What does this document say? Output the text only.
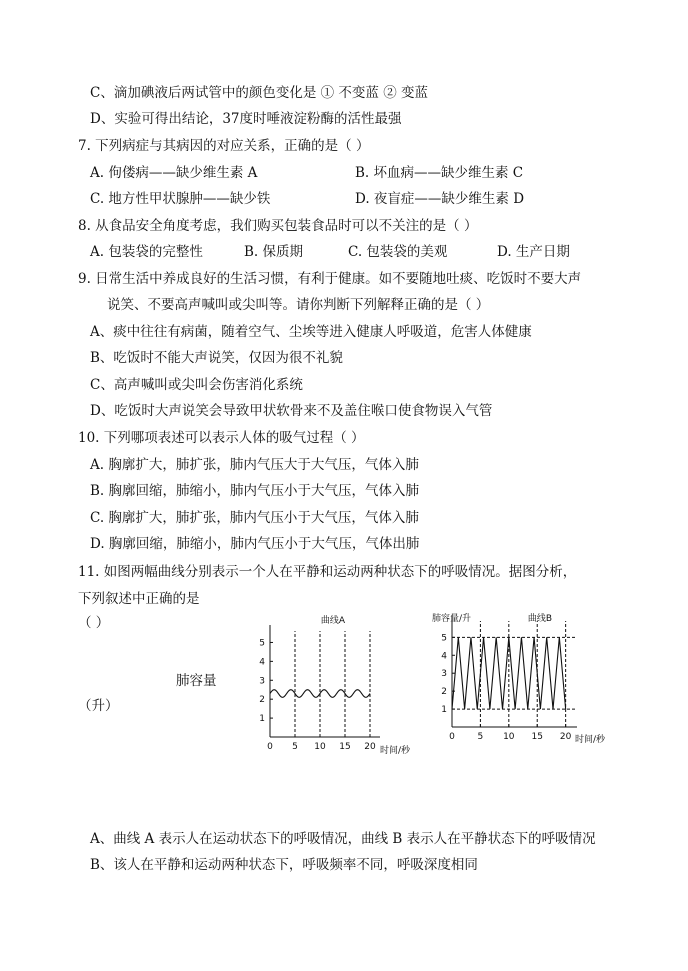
C、滴加碘液后两试管中的颜色变化是 ① 不变蓝 ② 变蓝
D、实验可得出结论，37度时唾液淀粉酶的活性最强
7. 下列病症与其病因的对应关系，正确的是（ ）
A. 佝偻病——缺少维生素 A	B. 坏血病——缺少维生素 C
C. 地方性甲状腺肿——缺少铁	D. 夜盲症——缺少维生素 D
8. 从食品安全角度考虑，我们购买包装食品时可以不关注的是（ ）
A. 包装袋的完整性	B. 保质期	C. 包装袋的美观	D. 生产日期
9. 日常生活中养成良好的生活习惯，有利于健康。如不要随地吐痰、吃饭时不要大声
说笑、不要高声喊叫或尖叫等。请你判断下列解释正确的是（ ）
A、痰中往往有病菌，随着空气、尘埃等进入健康人呼吸道，危害人体健康
B、吃饭时不能大声说笑，仅因为很不礼貌
C、高声喊叫或尖叫会伤害消化系统
D、吃饭时大声说笑会导致甲状软骨来不及盖住喉口使食物误入气管
10. 下列哪项表述可以表示人体的吸气过程（ ）
A. 胸廓扩大，肺扩张，肺内气压大于大气压，气体入肺
B. 胸廓回缩，肺缩小，肺内气压小于大气压，气体入肺
C. 胸廓扩大，肺扩张，肺内气压小于大气压，气体入肺
D. 胸廓回缩，肺缩小，肺内气压小于大气压，气体出肺
11. 如图两幅曲线分别表示一个人在平静和运动两种状态下的呼吸情况。据图分析，
下列叙述中正确的是
（ ）
肺容量
（升）
1
2
3
4
5
0 5 10 15 20
曲线A
时间/秒
1
2
3
4
5
0	5 10 15 20
曲线B
肺容量/升
时间/秒
A、曲线 A 表示人在运动状态下的呼吸情况，曲线 B 表示人在平静状态下的呼吸情况
B、该人在平静和运动两种状态下，呼吸频率不同，呼吸深度相同
